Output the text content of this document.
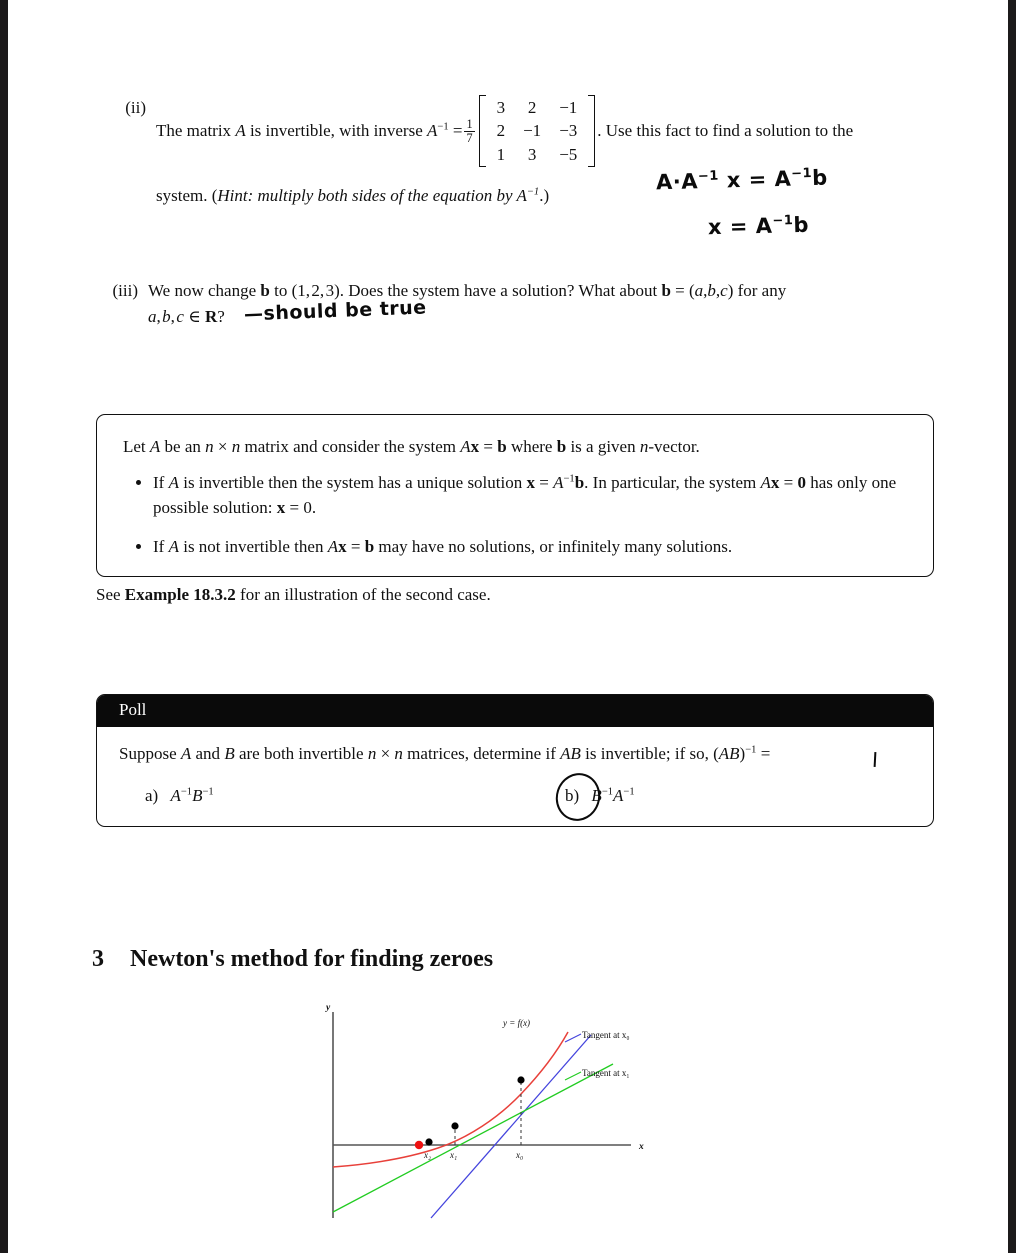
(ii)
The matrix A is invertible, with inverse $A^{-1} = \frac{1}{7}$
3	2	−1
2	−1	−3
1	3	−5
. Use this fact to find a solution to the
system. (Hint: multiply both sides of the equation by $A^{-1}$.)
$A\cdot A^{-1}$ $x = A^{-1}b$
$x = A^{-1}b$
(iii) We now change b to (1, 2, 3). Does the system have a solution? What about b = (a,b,c) for any
a, b, c ∈ R? —should be true
Let A be an n × n matrix and consider the system Ax = b where b is a given n-vector.
• If A is invertible then the system has a unique solution $x = A^{-1}b$. In particular, the system Ax = 0 has only one possible solution: x = 0.
• If A is not invertible then Ax = b may have no solutions, or infinitely many solutions.
See Example 18.3.2 for an illustration of the second case.
Poll
Suppose A and B are both invertible n × n matrices, determine if AB is invertible; if so, (AB)$^{-1}$ =
a) $A^{-1}B^{-1}$	b) $B^{-1}A^{-1}$
3	Newton's method for finding zeroes
y
x
y = f(x)
Tangent at x₀
Tangent at x₁
x₂ x₁	x₀
